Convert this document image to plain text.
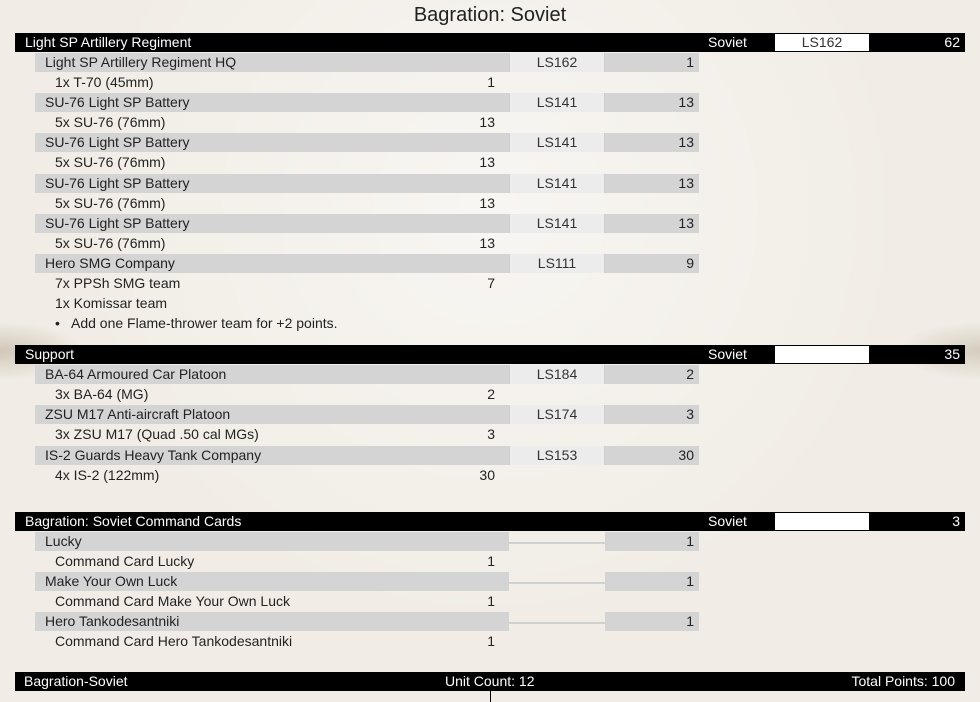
Bagration: Soviet
Light SP Artillery Regiment	Soviet	LS162	62
Light SP Artillery Regiment HQ	LS162	1
1x T-70 (45mm)	1
SU-76 Light SP Battery	LS141	13
5x SU-76 (76mm)	13
SU-76 Light SP Battery	LS141	13
5x SU-76 (76mm)	13
SU-76 Light SP Battery	LS141	13
5x SU-76 (76mm)	13
SU-76 Light SP Battery	LS141	13
5x SU-76 (76mm)	13
Hero SMG Company	LS111	9
7x PPSh SMG team	7
1x Komissar team
• Add one Flame-thrower team for +2 points.
Support	Soviet	35
BA-64 Armoured Car Platoon	LS184	2
3x BA-64 (MG)	2
ZSU M17 Anti-aircraft Platoon	LS174	3
3x ZSU M17 (Quad .50 cal MGs)	3
IS-2 Guards Heavy Tank Company	LS153	30
4x IS-2 (122mm)	30
Bagration: Soviet Command Cards	Soviet	3
Lucky	1
Command Card Lucky	1
Make Your Own Luck	1
Command Card Make Your Own Luck	1
Hero Tankodesantniki	1
Command Card Hero Tankodesantniki	1
Bagration-Soviet	Unit Count: 12	Total Points: 100
